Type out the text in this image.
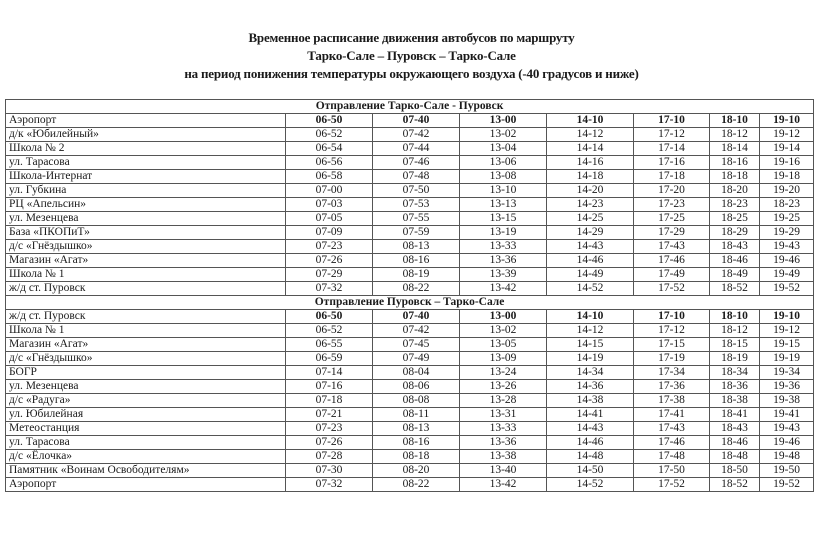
Временное расписание движения автобусов по маршруту
Тарко-Сале – Пуровск – Тарко-Сале
на период понижения температуры окружающего воздуха (-40 градусов и ниже)
Отправление Тарко-Сале - Пуровск							
Аэропорт	06-50	07-40	13-00	14-10	17-10	18-10	19-10
д/к «Юбилейный»	06-52	07-42	13-02	14-12	17-12	18-12	19-12
Школа № 2	06-54	07-44	13-04	14-14	17-14	18-14	19-14
ул. Тарасова	06-56	07-46	13-06	14-16	17-16	18-16	19-16
Школа-Интернат	06-58	07-48	13-08	14-18	17-18	18-18	19-18
ул. Губкина	07-00	07-50	13-10	14-20	17-20	18-20	19-20
РЦ «Апельсин»	07-03	07-53	13-13	14-23	17-23	18-23	18-23
ул. Мезенцева	07-05	07-55	13-15	14-25	17-25	18-25	19-25
База «ПКОПиТ»	07-09	07-59	13-19	14-29	17-29	18-29	19-29
д/с «Гнёздышко»	07-23	08-13	13-33	14-43	17-43	18-43	19-43
Магазин «Агат»	07-26	08-16	13-36	14-46	17-46	18-46	19-46
Школа № 1	07-29	08-19	13-39	14-49	17-49	18-49	19-49
ж/д ст. Пуровск	07-32	08-22	13-42	14-52	17-52	18-52	19-52
Отправление Пуровск – Тарко-Сале							
ж/д ст. Пуровск	06-50	07-40	13-00	14-10	17-10	18-10	19-10
Школа № 1	06-52	07-42	13-02	14-12	17-12	18-12	19-12
Магазин «Агат»	06-55	07-45	13-05	14-15	17-15	18-15	19-15
д/с «Гнёздышко»	06-59	07-49	13-09	14-19	17-19	18-19	19-19
БОГР	07-14	08-04	13-24	14-34	17-34	18-34	19-34
ул. Мезенцева	07-16	08-06	13-26	14-36	17-36	18-36	19-36
д/с «Радуга»	07-18	08-08	13-28	14-38	17-38	18-38	19-38
ул. Юбилейная	07-21	08-11	13-31	14-41	17-41	18-41	19-41
Метеостанция	07-23	08-13	13-33	14-43	17-43	18-43	19-43
ул. Тарасова	07-26	08-16	13-36	14-46	17-46	18-46	19-46
д/с «Ёлочка»	07-28	08-18	13-38	14-48	17-48	18-48	19-48
Памятник «Воинам Освободителям»	07-30	08-20	13-40	14-50	17-50	18-50	19-50
Аэропорт	07-32	08-22	13-42	14-52	17-52	18-52	19-52
